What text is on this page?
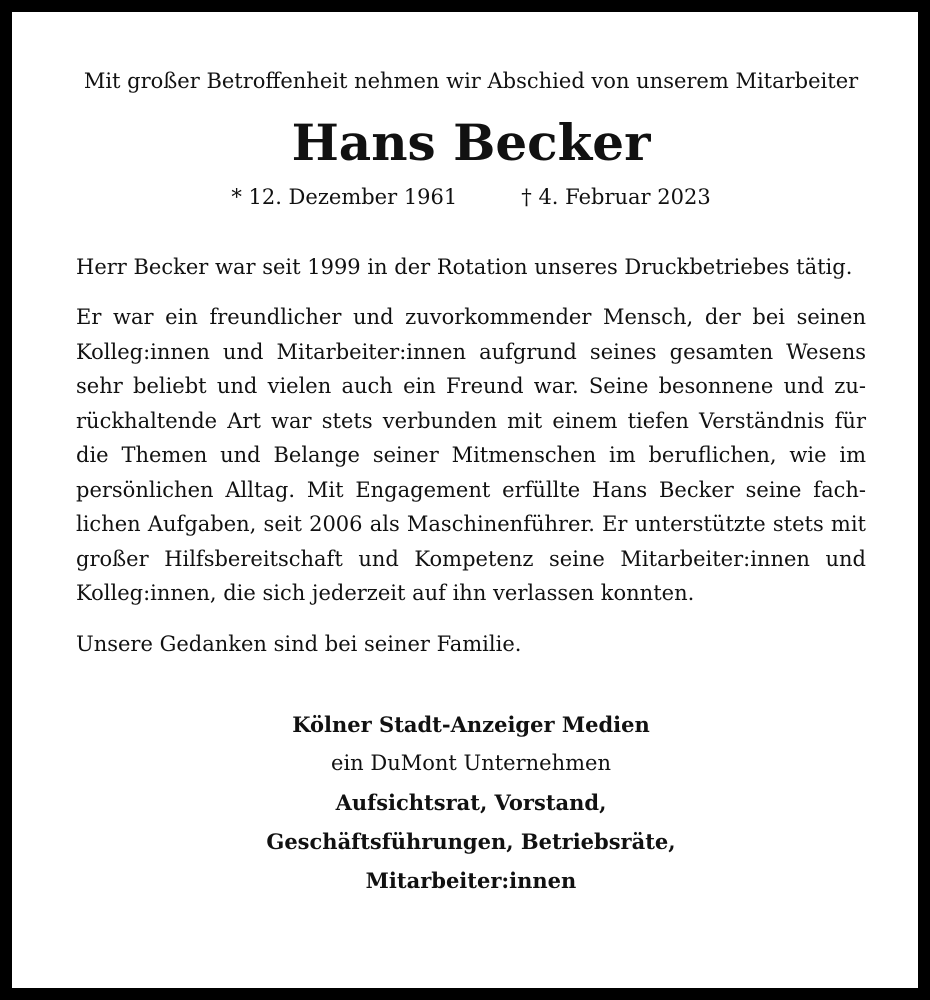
Mit großer Betroffenheit nehmen wir Abschied von unserem Mitarbeiter

Hans Becker

* 12. Dezember 1961	† 4. Februar 2023

Herr Becker war seit 1999 in der Rotation unseres Druckbetriebes tätig.

Er war ein freundlicher und zuvorkommender Mensch, der bei seinen Kolleg:innen und Mitarbeiter:innen aufgrund seines gesamten Wesens sehr beliebt und vielen auch ein Freund war. Seine besonnene und zurückhaltende Art war stets verbunden mit einem tiefen Verständnis für die Themen und Belange seiner Mitmenschen im beruflichen, wie im persönlichen Alltag. Mit Engagement erfüllte Hans Becker seine fachlichen Aufgaben, seit 2006 als Maschinenführer. Er unterstützte stets mit großer Hilfsbereitschaft und Kompetenz seine Mitarbeiter:innen und Kolleg:innen, die sich jederzeit auf ihn verlassen konnten.

Unsere Gedanken sind bei seiner Familie.

Kölner Stadt-Anzeiger Medien
ein DuMont Unternehmen
Aufsichtsrat, Vorstand,
Geschäftsführungen, Betriebsräte,
Mitarbeiter:innen
